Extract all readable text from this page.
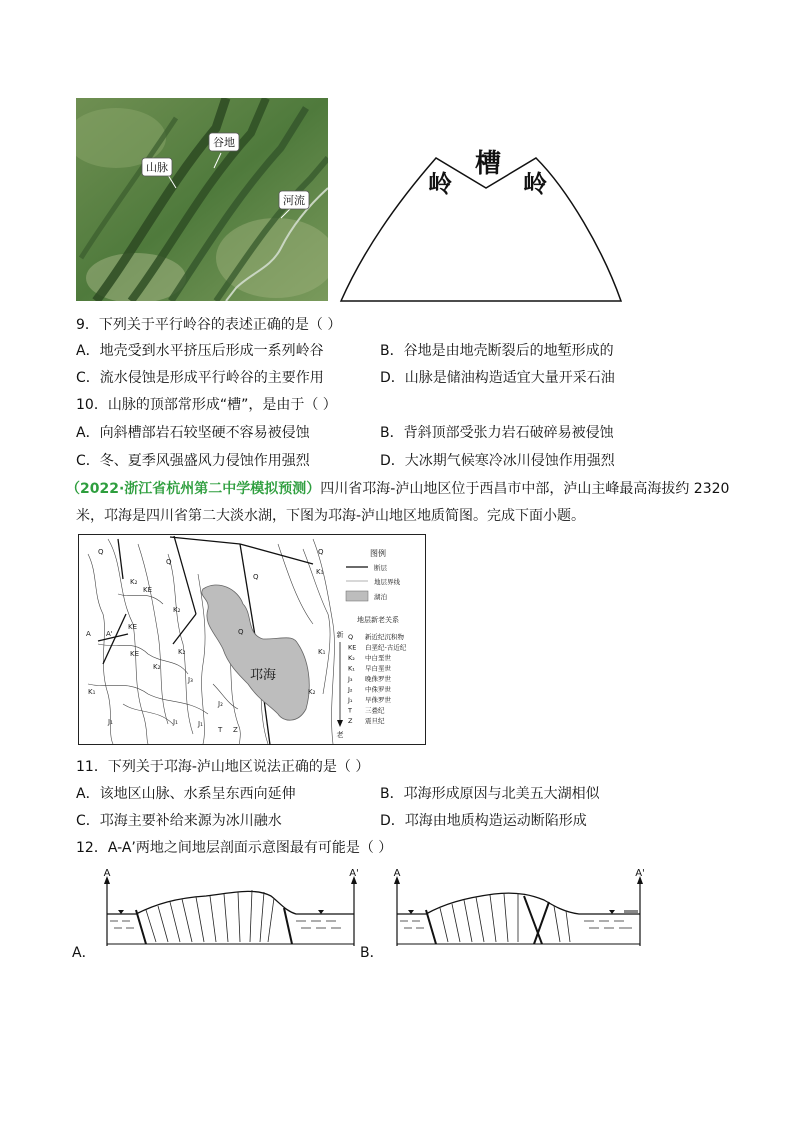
谷地
山脉
河流
槽
岭	岭
9．下列关于平行岭谷的表述正确的是（ ）
A．地壳受到水平挤压后形成一系列岭谷	B．谷地是由地壳断裂后的地堑形成的
C．流水侵蚀是形成平行岭谷的主要作用	D．山脉是储油构造适宜大量开采石油
10．山脉的顶部常形成“槽”，是由于（ ）
A．向斜槽部岩石较坚硬不容易被侵蚀	B．背斜顶部受张力岩石破碎易被侵蚀
C．冬、夏季风强盛风力侵蚀作用强烈	D．大冰期气候寒冷冰川侵蚀作用强烈
（2022·浙江省杭州第二中学模拟预测）四川省邛海-泸山地区位于西昌市中部，泸山主峰最高海拔约 2320
米，邛海是四川省第二大淡水湖，下图为邛海-泸山地区地质简图。完成下面小题。
邛海
Q
Q
Q
Q
K₂
KE
KE
K₂
KE
K₂
K₁
J₃
J₂
J₁	J₁
T Z
K₂
K₁
K₁
J₁
K₂
Q
A A'
图例
断层
地层界线
湖泊
地层新老关系
新
老
Q 新近纪沉积物
KE 白垩纪-古近纪
K₂ 中白垩世
K₁ 早白垩世
J₃ 晚侏罗世
J₂ 中侏罗世
J₁ 早侏罗世
T 三叠纪
Z 震旦纪
11．下列关于邛海-泸山地区说法正确的是（ ）
A．该地区山脉、水系呈东西向延伸	B．邛海形成原因与北美五大湖相似
C．邛海主要补给来源为冰川融水	D．邛海由地质构造运动断陷形成
12．A-A’两地之间地层剖面示意图最有可能是（ ）
A	A'
A．
A	A'
B．
